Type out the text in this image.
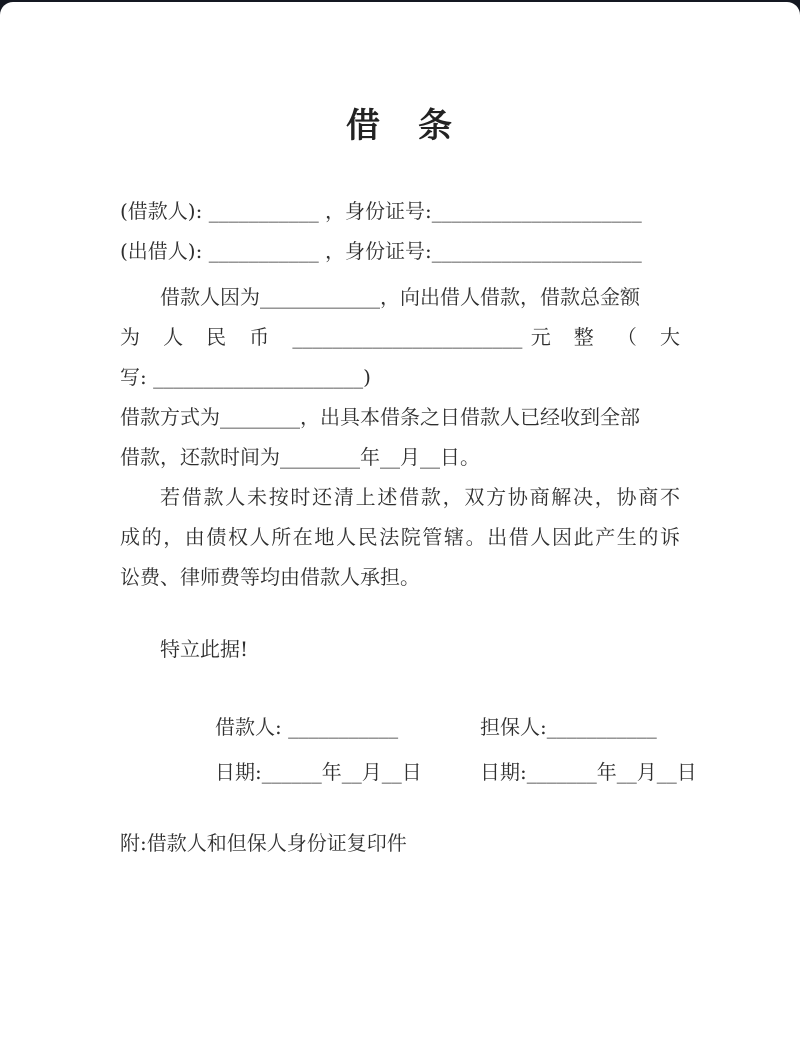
借　条
(借款人): ___________ ，身份证号:_____________________
(出借人): ___________ ，身份证号:_____________________
借款人因为____________，向出借人借款，借款总金额
为 人 民 币 _______________________元 整 （ 大
写: _____________________)
借款方式为________，出具本借条之日借款人已经收到全部
借款，还款时间为________年__月__日。
若借款人未按时还清上述借款，双方协商解决，协商不
成的，由债权人所在地人民法院管辖。出借人因此产生的诉
讼费、律师费等均由借款人承担。
特立此据!
借款人: ___________
日期:______年__月__日
担保人:___________
日期:_______年__月__日
附:借款人和但保人身份证复印件
